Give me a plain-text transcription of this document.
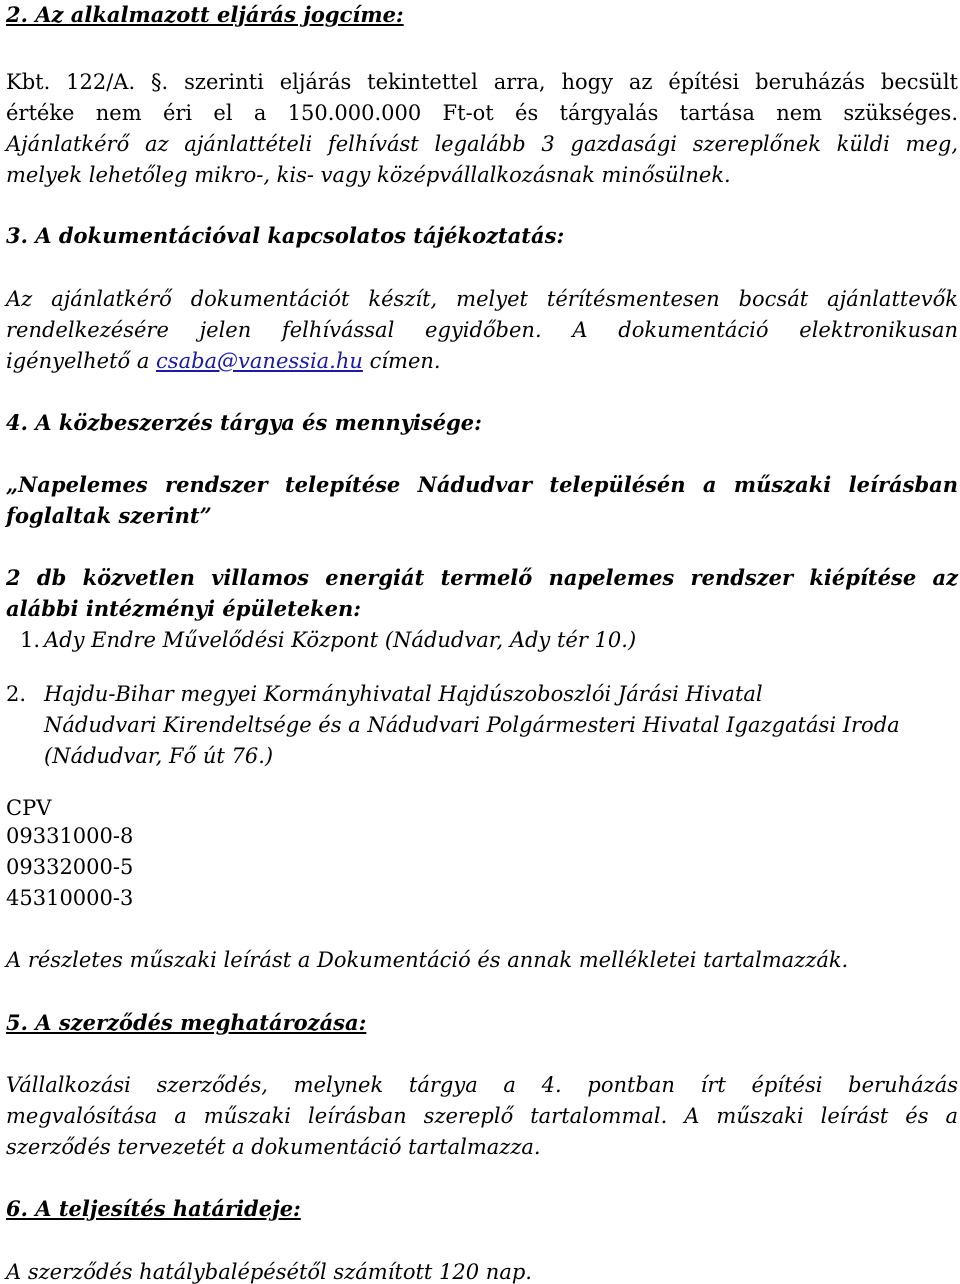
2. Az alkalmazott eljárás jogcíme:
Kbt. 122/A. §. szerinti eljárás tekintettel arra, hogy az építési beruházás becsült
értéke nem éri el a 150.000.000 Ft-ot és tárgyalás tartása nem szükséges.
Ajánlatkérő az ajánlattételi felhívást legalább 3 gazdasági szereplőnek küldi meg,
melyek lehetőleg mikro-, kis- vagy középvállalkozásnak minősülnek.
3. A dokumentációval kapcsolatos tájékoztatás:
Az ajánlatkérő dokumentációt készít, melyet térítésmentesen bocsát ajánlattevők
rendelkezésére jelen felhívással egyidőben. A dokumentáció elektronikusan
igényelhető a csaba@vanessia.hu címen.
4. A közbeszerzés tárgya és mennyisége:
„Napelemes rendszer telepítése Nádudvar településén a műszaki leírásban
foglaltak szerint”
2 db közvetlen villamos energiát termelő napelemes rendszer kiépítése az
alábbi intézményi épületeken:
1. Ady Endre Művelődési Központ (Nádudvar, Ady tér 10.)
2. Hajdu-Bihar megyei Kormányhivatal Hajdúszoboszlói Járási Hivatal
Nádudvari Kirendeltsége és a Nádudvari Polgármesteri Hivatal Igazgatási Iroda
(Nádudvar, Fő út 76.)
CPV
09331000-8
09332000-5
45310000-3
A részletes műszaki leírást a Dokumentáció és annak mellékletei tartalmazzák.
5. A szerződés meghatározása:
Vállalkozási szerződés, melynek tárgya a 4. pontban írt építési beruházás
megvalósítása a műszaki leírásban szereplő tartalommal. A műszaki leírást és a
szerződés tervezetét a dokumentáció tartalmazza.
6. A teljesítés határideje:
A szerződés hatálybalépésétől számított 120 nap.
